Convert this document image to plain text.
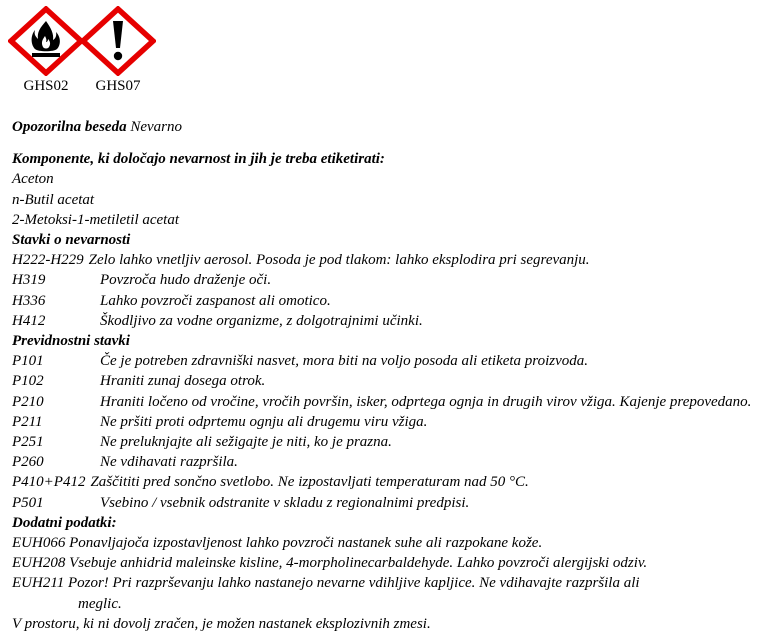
GHS02	GHS07
Opozorilna beseda Nevarno
Komponente, ki določajo nevarnost in jih je treba etiketirati:
Aceton
n-Butil acetat
2-Metoksi-1-metiletil acetat
Stavki o nevarnosti
H222-H229 Zelo lahko vnetljiv aerosol. Posoda je pod tlakom: lahko eksplodira pri segrevanju.
H319	Povzroča hudo draženje oči.
H336	Lahko povzroči zaspanost ali omotico.
H412	Škodljivo za vodne organizme, z dolgotrajnimi učinki.
Previdnostni stavki
P101	Če je potreben zdravniški nasvet, mora biti na voljo posoda ali etiketa proizvoda.
P102	Hraniti zunaj dosega otrok.
P210	Hraniti ločeno od vročine, vročih površin, isker, odprtega ognja in drugih virov vžiga. Kajenje prepovedano.
P211	Ne pršiti proti odprtemu ognju ali drugemu viru vžiga.
P251	Ne preluknjajte ali sežigajte je niti, ko je prazna.
P260	Ne vdihavati razpršila.
P410+P412 Zaščititi pred sončno svetlobo. Ne izpostavljati temperaturam nad 50 °C.
P501	Vsebino / vsebnik odstranite v skladu z regionalnimi predpisi.
Dodatni podatki:
EUH066 Ponavljajoča izpostavljenost lahko povzroči nastanek suhe ali razpokane kože.
EUH208 Vsebuje anhidrid maleinske kisline, 4-morpholinecarbaldehyde. Lahko povzroči alergijski odziv.
EUH211 Pozor! Pri razprševanju lahko nastanejo nevarne vdihljive kapljice. Ne vdihavajte razpršila ali
meglic.
V prostoru, ki ni dovolj zračen, je možen nastanek eksplozivnih zmesi.
